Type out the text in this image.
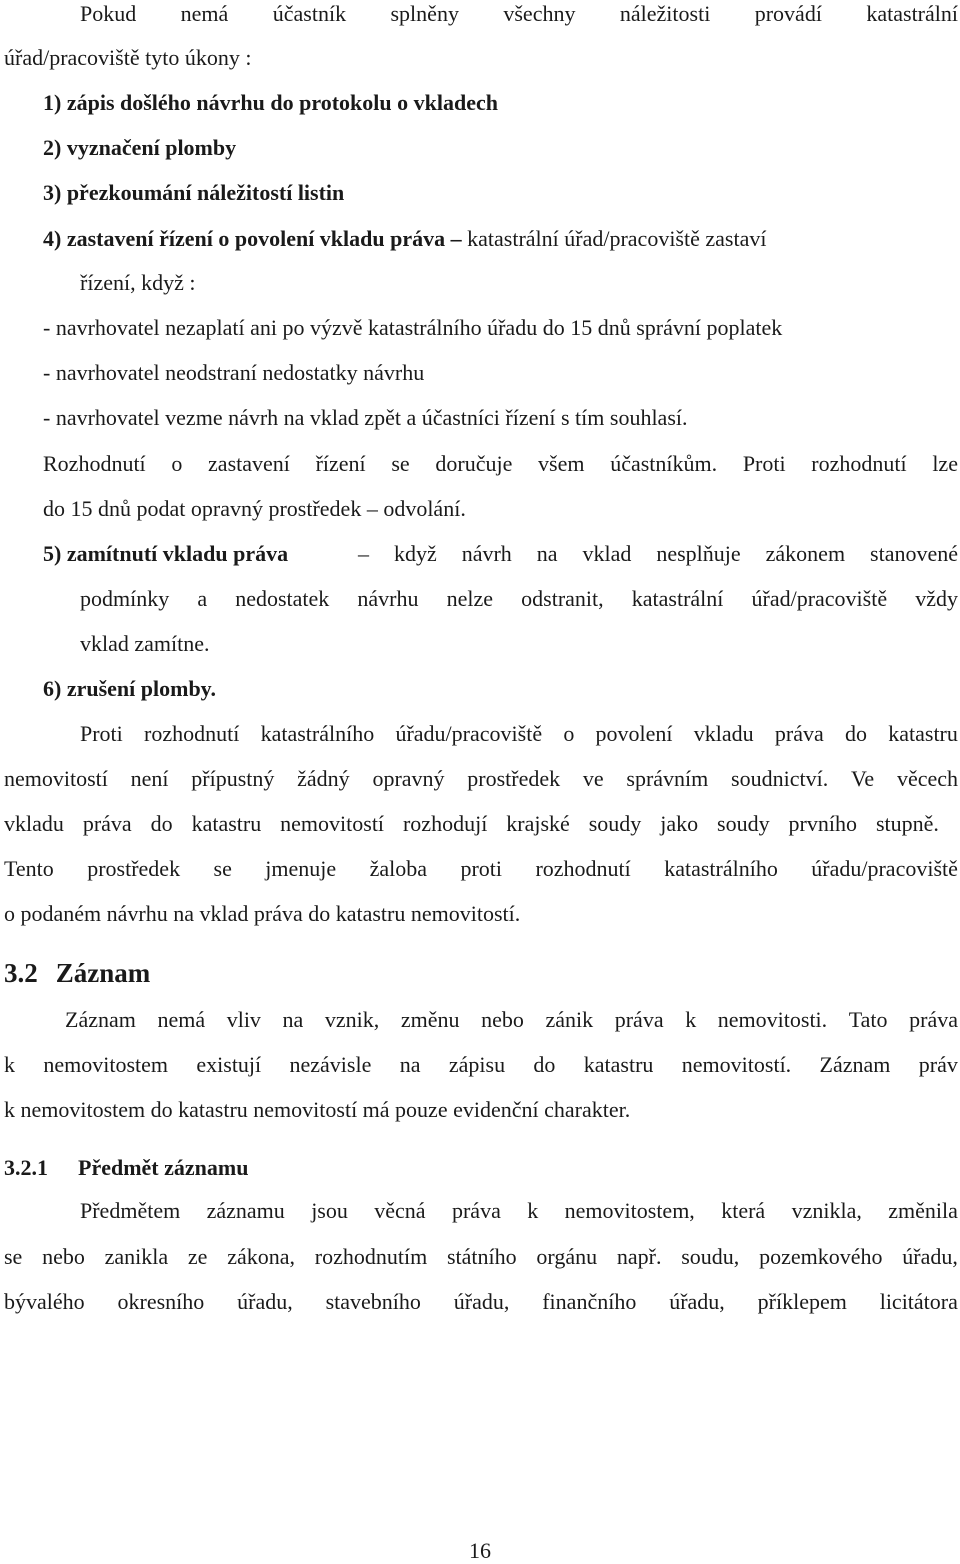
Pokud nemá účastník splněny všechny náležitosti provádí katastrální
úřad/pracoviště tyto úkony :
1) zápis došlého návrhu do protokolu o vkladech
2) vyznačení plomby
3) přezkoumání náležitostí listin
4) zastavení řízení o povolení vkladu práva – katastrální úřad/pracoviště zastaví
řízení, když :
- navrhovatel nezaplatí ani po výzvě katastrálního úřadu do 15 dnů správní poplatek
- navrhovatel neodstraní nedostatky návrhu
- navrhovatel vezme návrh na vklad zpět a účastníci řízení s tím souhlasí.
Rozhodnutí o zastavení řízení se doručuje všem účastníkům. Proti rozhodnutí lze
do 15 dnů podat opravný prostředek – odvolání.
5) zamítnutí vkladu práva	– když návrh na vklad nesplňuje zákonem stanovené
podmínky a nedostatek návrhu nelze odstranit, katastrální úřad/pracoviště vždy
vklad zamítne.
6) zrušení plomby.
Proti rozhodnutí katastrálního úřadu/pracoviště o povolení vkladu práva do katastru
nemovitostí není přípustný žádný opravný prostředek ve správním soudnictví. Ve věcech
vkladu práva do katastru nemovitostí rozhodují krajské soudy jako soudy prvního stupně.
Tento prostředek se jmenuje žaloba proti rozhodnutí katastrálního úřadu/pracoviště
o podaném návrhu na vklad práva do katastru nemovitostí.
3.2 Záznam
Záznam nemá vliv na vznik, změnu nebo zánik práva k nemovitosti. Tato práva
k nemovitostem existují nezávisle na zápisu do katastru nemovitostí. Záznam práv
k nemovitostem do katastru nemovitostí má pouze evidenční charakter.
3.2.1 Předmět záznamu
Předmětem záznamu jsou věcná práva k nemovitostem, která vznikla, změnila
se nebo zanikla ze zákona, rozhodnutím státního orgánu např. soudu, pozemkového úřadu,
bývalého okresního úřadu, stavebního úřadu, finančního úřadu, příklepem licitátora
16
